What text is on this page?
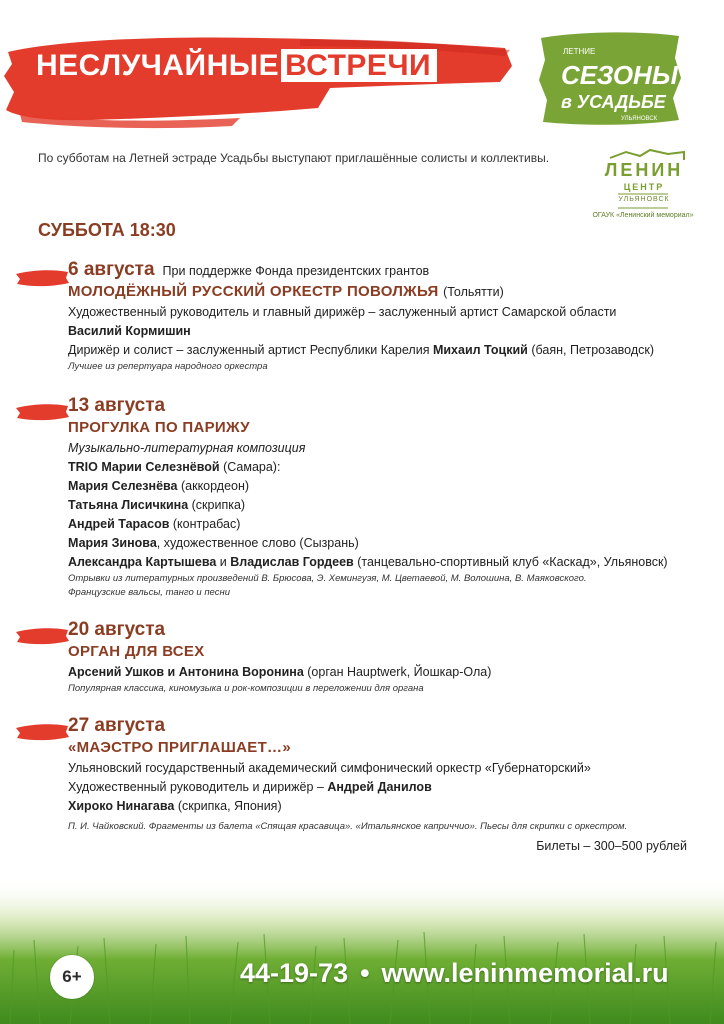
НЕСЛУЧАЙНЫЕ ВСТРЕЧИ	ЛЕТНИЕ
СЕЗОНЫ
в УСАДЬБЕ
УЛЬЯНОВСК
ЛЕНИН
ЦЕНТР
УЛЬЯНОВСК
ОГАУК «Ленинский мемориал»
По субботам на Летней эстраде Усадьбы выступают приглашённые солисты и коллективы.
СУББОТА 18:30
6 августа При поддержке Фонда президентских грантов
МОЛОДЁЖНЫЙ РУССКИЙ ОРКЕСТР ПОВОЛЖЬЯ (Тольятти)
Художественный руководитель и главный дирижёр – заслуженный артист Самарской области
Василий Кормишин
Дирижёр и солист – заслуженный артист Республики Карелия Михаил Тоцкий (баян, Петрозаводск)
Лучшее из репертуара народного оркестра
13 августа
ПРОГУЛКА ПО ПАРИЖУ
Музыкально-литературная композиция
TRIO Марии Селезнёвой (Самара):
Мария Селезнёва (аккордеон)
Татьяна Лисичкина (скрипка)
Андрей Тарасов (контрабас)
Мария Зинова, художественное слово (Сызрань)
Александра Картышева и Владислав Гордеев (танцевально-спортивный клуб «Каскад», Ульяновск)
Отрывки из литературных произведений В. Брюсова, Э. Хемингуэя, М. Цветаевой, М. Волошина, В. Маяковского.
Французские вальсы, танго и песни
20 августа
ОРГАН ДЛЯ ВСЕХ
Арсений Ушков и Антонина Воронина (орган Hauptwerk, Йошкар-Ола)
Популярная классика, киномузыка и рок-композиции в переложении для органа
27 августа
«МАЭСТРО ПРИГЛАШАЕТ…»
Ульяновский государственный академический симфонический оркестр «Губернаторский»
Художественный руководитель и дирижёр – Андрей Данилов
Хироко Нинагава (скрипка, Япония)
П. И. Чайковский. Фрагменты из балета «Спящая красавица». «Итальянское каприччио». Пьесы для скрипки с оркестром.
Билеты – 300–500 рублей
6+	44-19-73 • www.leninmemorial.ru
